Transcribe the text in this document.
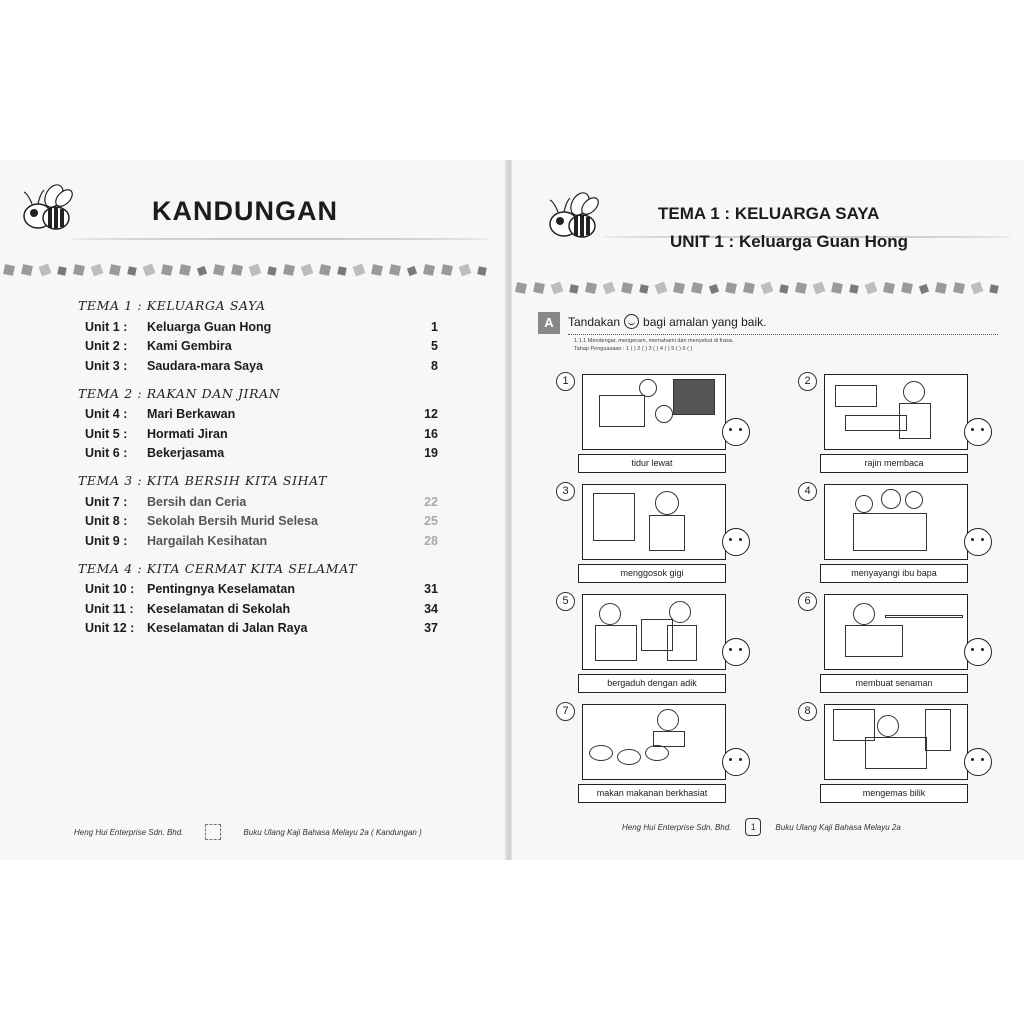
KANDUNGAN
TEMA 1 : KELUARGA SAYA
Unit 1 :	Keluarga Guan Hong	1
Unit 2 :	Kami Gembira	5
Unit 3 :	Saudara-mara Saya	8
TEMA 2 : RAKAN DAN JIRAN
Unit 4 :	Mari Berkawan	12
Unit 5 :	Hormati Jiran	16
Unit 6 :	Bekerjasama	19
TEMA 3 : KITA BERSIH KITA SIHAT
Unit 7 :	Bersih dan Ceria	22
Unit 8 :	Sekolah Bersih Murid Selesa	25
Unit 9 :	Hargailah Kesihatan	28
TEMA 4 : KITA CERMAT KITA SELAMAT
Unit 10 :	Pentingnya Keselamatan	31
Unit 11 :	Keselamatan di Sekolah	34
Unit 12 :	Keselamatan di Jalan Raya	37
Heng Hui Enterprise Sdn. Bhd.	Buku Ulang Kaji Bahasa Melayu 2a ( Kandungan )
TEMA 1 : KELUARGA SAYA
UNIT 1 : Keluarga Guan Hong
A	Tandakan bagi amalan yang baik.
1.1.1 Mendengar, mengecam, memahami dan menyebut di frasa.
Tahap Penguasaan : 1 ( ) 2 ( ) 3 ( ) 4 ( ) 5 ( ) 6 ( )
1
tidur lewat
2
rajin membaca
3
menggosok gigi
4
menyayangi ibu bapa
5
bergaduh dengan adik
6
membuat senaman
7
makan makanan berkhasiat
8
mengemas bilik
Heng Hui Enterprise Sdn. Bhd.	1	Buku Ulang Kaji Bahasa Melayu 2a
